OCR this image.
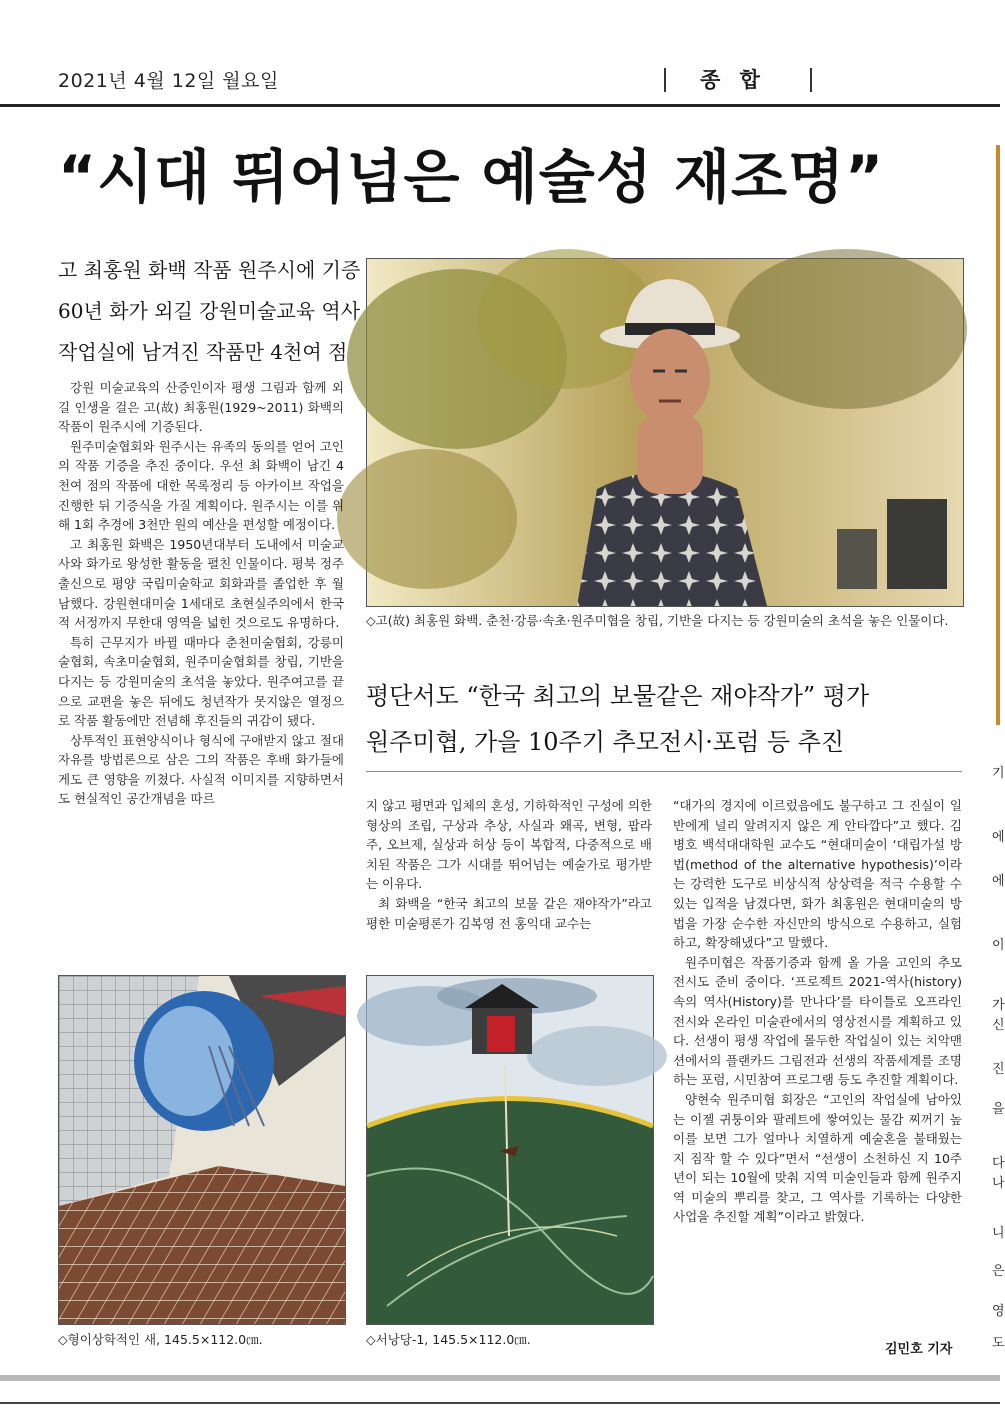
2021년 4월 12일 월요일	종 합
“시대 뛰어넘은 예술성 재조명”

고 최홍원 화백 작품 원주시에 기증

60년 화가 외길 강원미술교육 역사

작업실에 남겨진 작품만 4천여 점

◇고(故) 최홍원 화백. 춘천·강릉·속초·원주미협을 창립, 기반을 다지는 등 강원미술의 초석을 놓은 인물이다.
평단서도 “한국 최고의 보물같은 재야작가” 평가
원주미협, 가을 10주기 추모전시·포럼 등 추진

강원 미술교육의 산증인이자 평생 그림과 함께 외길 인생을 걸은 고(故) 최홍원(1929~2011) 화백의 작품이 원주시에 기증된다.

원주미술협회와 원주시는 유족의 동의를 얻어 고인의 작품 기증을 추진 중이다. 우선 최 화백이 남긴 4천여 점의 작품에 대한 목록정리 등 아카이브 작업을 진행한 뒤 기증식을 가질 계획이다. 원주시는 이를 위해 1회 추경에 3천만 원의 예산을 편성할 예정이다.

고 최홍원 화백은 1950년대부터 도내에서 미술교사와 화가로 왕성한 활동을 펼친 인물이다. 평북 정주 출신으로 평양 국립미술학교 회화과를 졸업한 후 월남했다. 강원현대미술 1세대로 초현실주의에서 한국적 서정까지 무한대 영역을 넓힌 것으로도 유명하다.

특히 근무지가 바뀔 때마다 춘천미술협회, 강릉미술협회, 속초미술협회, 원주미술협회를 창립, 기반을 다지는 등 강원미술의 초석을 놓았다. 원주여고를 끝으로 교편을 놓은 뒤에도 청년작가 못지않은 열정으로 작품 활동에만 전념해 후진들의 귀감이 됐다.

상투적인 표현양식이나 형식에 구애받지 않고 절대 자유를 방법론으로 삼은 그의 작품은 후배 화가들에게도 큰 영향을 끼쳤다. 사실적 이미지를 지향하면서도 현실적인 공간개념을 따르	지 않고 평면과 입체의 혼성, 기하학적인 구성에 의한 형상의 조립, 구상과 추상, 사실과 왜곡, 변형, 팝라주, 오브제, 실상과 허상 등이 복합적, 다중적으로 배치된 작품은 그가 시대를 뛰어넘는 예술가로 평가받는 이유다.

최 화백을 “한국 최고의 보물 같은 재야작가”라고 평한 미술평론가 김복영 전 홍익대 교수는

“대가의 경지에 이르렀음에도 불구하고 그 진실이 일반에게 널리 알려지지 않은 게 안타깝다”고 했다. 김병호 백석대대학원 교수도 “현대미술이 ‘대립가설 방법(method of the alternative hypothesis)’이라는 강력한 도구로 비상식적 상상력을 적극 수용할 수 있는 입적을 남겼다면, 화가 최홍원은 현대미술의 방법을 가장 순수한 자신만의 방식으로 수용하고, 실험하고, 확장해냈다”고 말했다.

원주미협은 작품기증과 함께 올 가을 고인의 추모전시도 준비 중이다. ‘프로젝트 2021-역사(history)속의 역사(History)를 만나다’를 타이틀로 오프라인 전시와 온라인 미술관에서의 영상전시를 계획하고 있다. 선생이 평생 작업에 몰두한 작업실이 있는 치악맨션에서의 플랜카드 그림전과 선생의 작품세계를 조명하는 포럼, 시민참여 프로그램 등도 추진할 계획이다.

양현숙 원주미협 회장은 “고인의 작업실에 남아있는 이젤 귀퉁이와 팔레트에 쌓여있는 물감 찌꺼기 높이를 보면 그가 얼마나 치열하게 예술혼을 불태웠는지 짐작 할 수 있다”면서 “선생이 소천하신 지 10주년이 되는 10월에 맞춰 지역 미술인들과 함께 원주지역 미술의 뿌리를 찾고, 그 역사를 기록하는 다양한 사업을 추진할 계획”이라고 밝혔다.

김민호 기자
◇형이상학적인 새, 145.5×112.0㎝.	◇서낭당-1, 145.5×112.0㎝.
기
에
에
이
가
신
진
을
다
나
니
은
영
도
